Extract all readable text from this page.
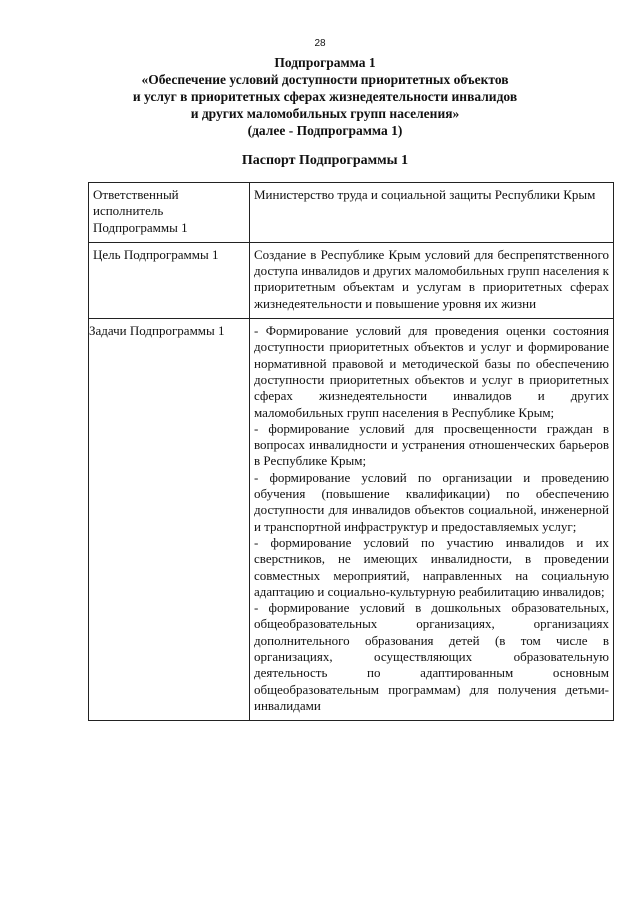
28
Подпрограмма 1
«Обеспечение условий доступности приоритетных объектов
и услуг в приоритетных сферах жизнедеятельности инвалидов
и других маломобильных групп населения»
(далее - Подпрограмма 1)
Паспорт Подпрограммы 1
Ответственный исполнитель Подпрограммы 1	Министерство труда и социальной защиты Республики Крым

Цель Подпрограммы 1	Создание в Республике Крым условий для беспрепятственного доступа инвалидов и других маломобильных групп населения к приоритетным объектам и услугам в приоритетных сферах жизнедеятельности и повышение уровня их жизни

Задачи Подпрограммы 1	- Формирование условий для проведения оценки состояния доступности приоритетных объектов и услуг и формирование нормативной правовой и методической базы по обеспечению доступности приоритетных объектов и услуг в приоритетных сферах жизнедеятельности инвалидов и других маломобильных групп населения в Республике Крым;
- формирование условий для просвещенности граждан в вопросах инвалидности и устранения отношенческих барьеров в Республике Крым;
- формирование условий по организации и проведению обучения (повышение квалификации) по обеспечению доступности для инвалидов объектов социальной, инженерной и транспортной инфраструктур и предоставляемых услуг;
- формирование условий по участию инвалидов и их сверстников, не имеющих инвалидности, в проведении совместных мероприятий, направленных на социальную адаптацию и социально-культурную реабилитацию инвалидов;
- формирование условий в дошкольных образовательных, общеобразовательных организациях, организациях дополнительного образования детей (в том числе в организациях, осуществляющих образовательную деятельность по адаптированным основным общеобразовательным программам) для получения детьми-инвалидами
